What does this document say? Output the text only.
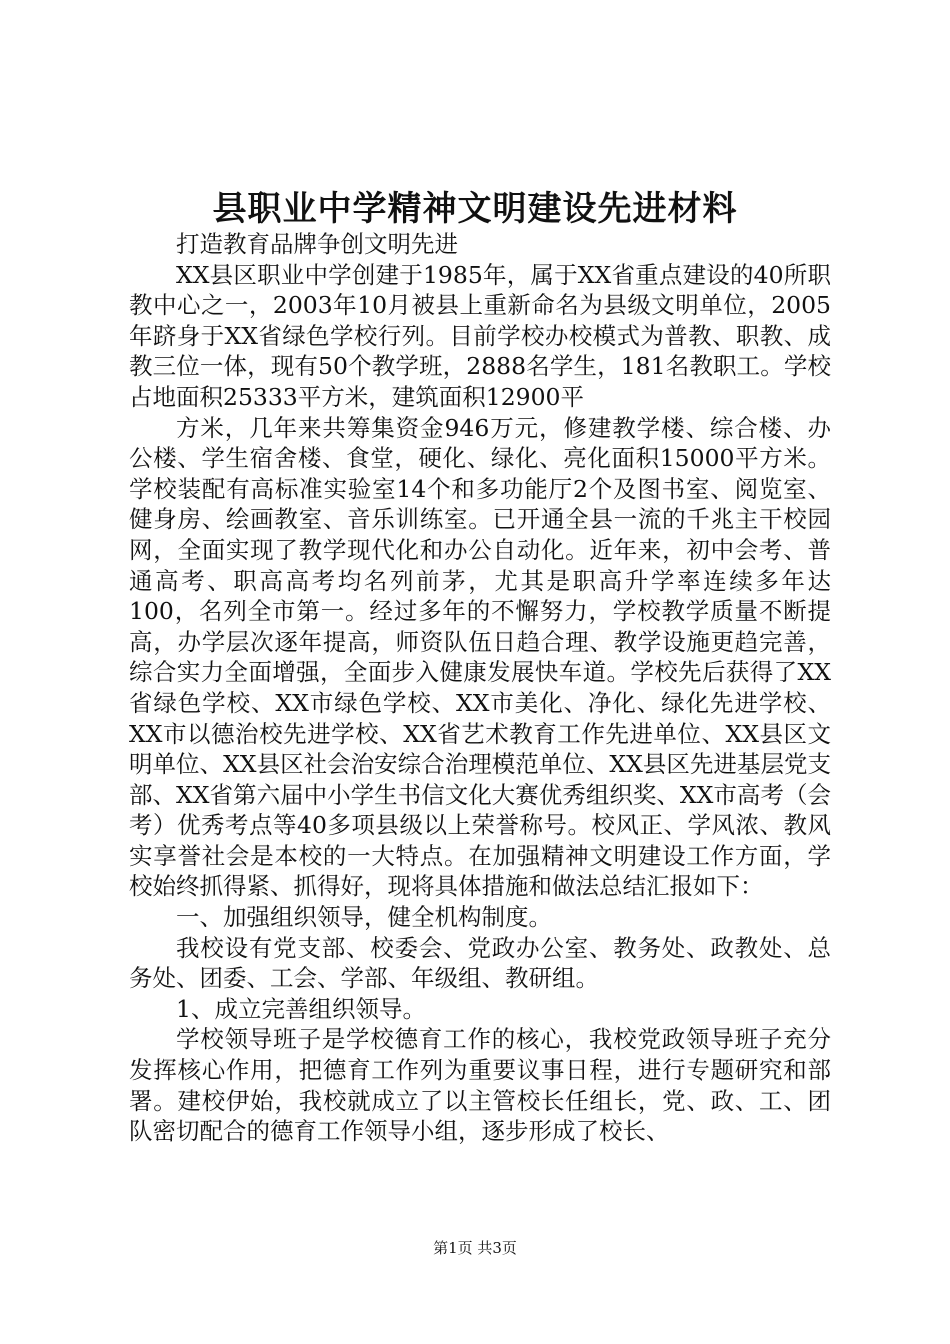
县职业中学精神文明建设先进材料

打造教育品牌争创文明先进

XX县区职业中学创建于1985年，属于XX省重点建设的40所职教中心之一，2003年10月被县上重新命名为县级文明单位，2005年跻身于XX省绿色学校行列。目前学校办校模式为普教、职教、成教三位一体，现有50个教学班，2888名学生，181名教职工。学校占地面积25333平方米，建筑面积12900平

方米，几年来共筹集资金946万元，修建教学楼、综合楼、办公楼、学生宿舍楼、食堂，硬化、绿化、亮化面积15000平方米。学校装配有高标准实验室14个和多功能厅2个及图书室、阅览室、健身房、绘画教室、音乐训练室。已开通全县一流的千兆主干校园网，全面实现了教学现代化和办公自动化。近年来，初中会考、普通高考、职高高考均名列前茅，尤其是职高升学率连续多年达100，名列全市第一。经过多年的不懈努力，学校教学质量不断提高，办学层次逐年提高，师资队伍日趋合理、教学设施更趋完善，综合实力全面增强，全面步入健康发展快车道。学校先后获得了XX省绿色学校、XX市绿色学校、XX市美化、净化、绿化先进学校、XX市以德治校先进学校、XX省艺术教育工作先进单位、XX县区文明单位、XX县区社会治安综合治理模范单位、XX县区先进基层党支部、XX省第六届中小学生书信文化大赛优秀组织奖、XX市高考（会考）优秀考点等40多项县级以上荣誉称号。校风正、学风浓、教风实享誉社会是本校的一大特点。在加强精神文明建设工作方面，学校始终抓得紧、抓得好，现将具体措施和做法总结汇报如下：

一、加强组织领导，健全机构制度。

我校设有党支部、校委会、党政办公室、教务处、政教处、总务处、团委、工会、学部、年级组、教研组。

1、成立完善组织领导。

学校领导班子是学校德育工作的核心，我校党政领导班子充分发挥核心作用，把德育工作列为重要议事日程，进行专题研究和部署。建校伊始，我校就成立了以主管校长任组长，党、政、工、团队密切配合的德育工作领导小组，逐步形成了校长、

第1页 共3页
